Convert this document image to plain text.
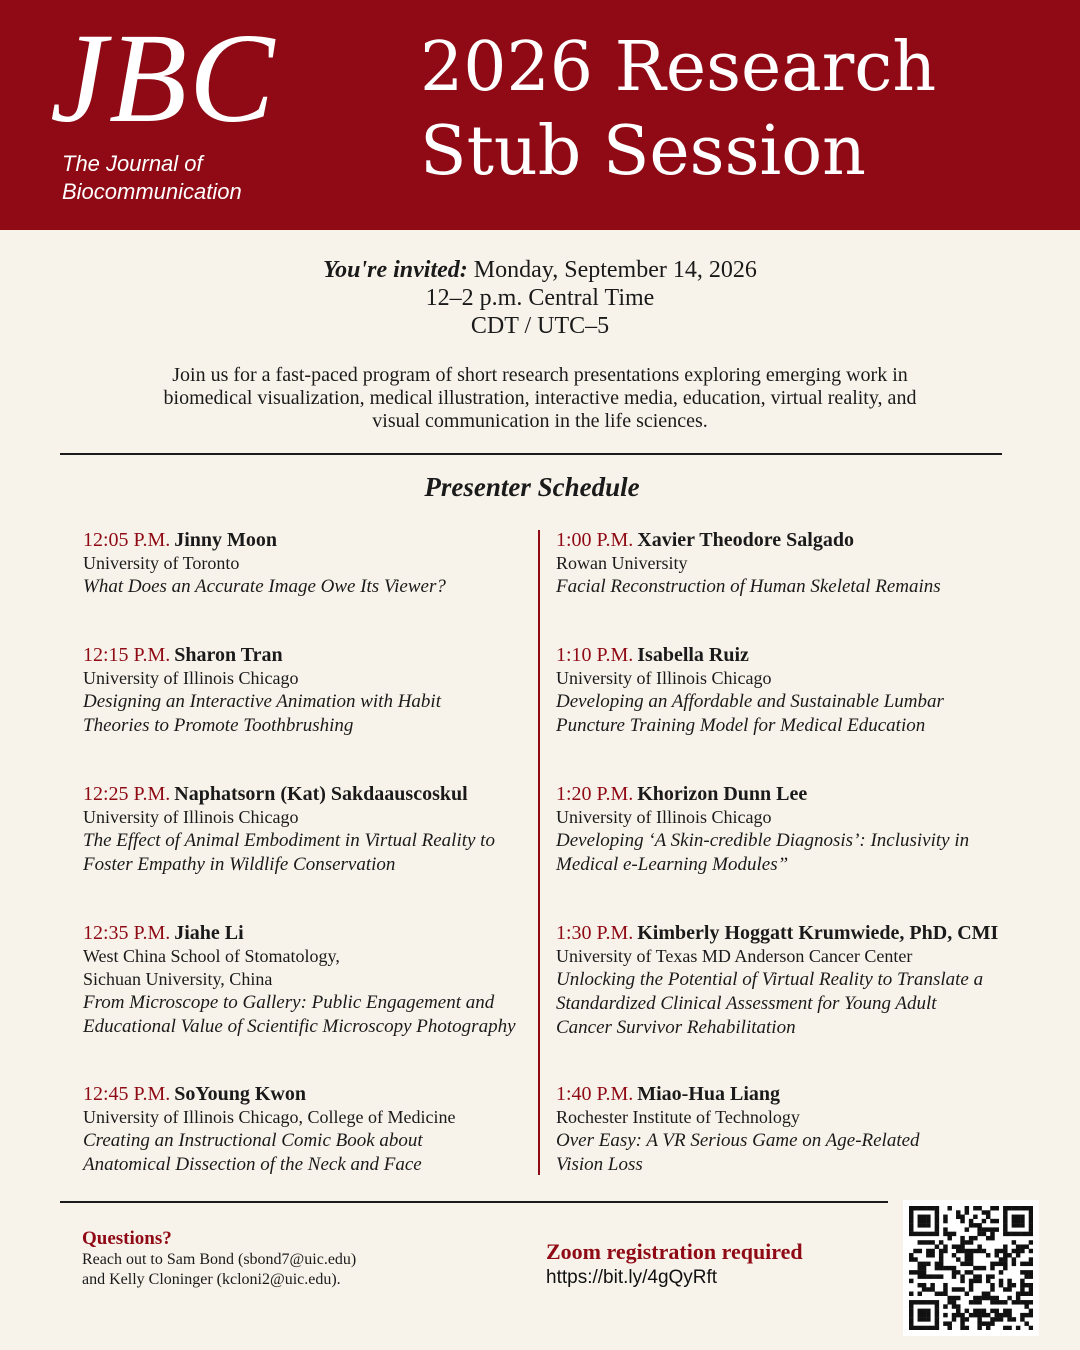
JBC
The Journal of
Biocommunication
2026 Research
Stub Session
You're invited: Monday, September 14, 2026
12–2 p.m. Central Time
CDT / UTC–5
Join us for a fast-paced program of short research presentations exploring emerging work in biomedical visualization, medical illustration, interactive media, education, virtual reality, and visual communication in the life sciences.
Presenter Schedule
12:05 P.M. Jinny Moon
University of Toronto
What Does an Accurate Image Owe Its Viewer?
12:15 P.M. Sharon Tran
University of Illinois Chicago
Designing an Interactive Animation with Habit
Theories to Promote Toothbrushing
12:25 P.M. Naphatsorn (Kat) Sakdaauscoskul
University of Illinois Chicago
The Effect of Animal Embodiment in Virtual Reality to
Foster Empathy in Wildlife Conservation
12:35 P.M. Jiahe Li
West China School of Stomatology,
Sichuan University, China
From Microscope to Gallery: Public Engagement and
Educational Value of Scientific Microscopy Photography
12:45 P.M. SoYoung Kwon
University of Illinois Chicago, College of Medicine
Creating an Instructional Comic Book about
Anatomical Dissection of the Neck and Face
1:00 P.M. Xavier Theodore Salgado
Rowan University
Facial Reconstruction of Human Skeletal Remains
1:10 P.M. Isabella Ruiz
University of Illinois Chicago
Developing an Affordable and Sustainable Lumbar
Puncture Training Model for Medical Education
1:20 P.M. Khorizon Dunn Lee
University of Illinois Chicago
Developing ‘A Skin-credible Diagnosis’: Inclusivity in
Medical e-Learning Modules”
1:30 P.M. Kimberly Hoggatt Krumwiede, PhD, CMI
University of Texas MD Anderson Cancer Center
Unlocking the Potential of Virtual Reality to Translate a
Standardized Clinical Assessment for Young Adult
Cancer Survivor Rehabilitation
1:40 P.M. Miao-Hua Liang
Rochester Institute of Technology
Over Easy: A VR Serious Game on Age-Related
Vision Loss
Questions?
Reach out to Sam Bond (sbond7@uic.edu)
and Kelly Cloninger (kcloni2@uic.edu).
Zoom registration required
https://bit.ly/4gQyRft
